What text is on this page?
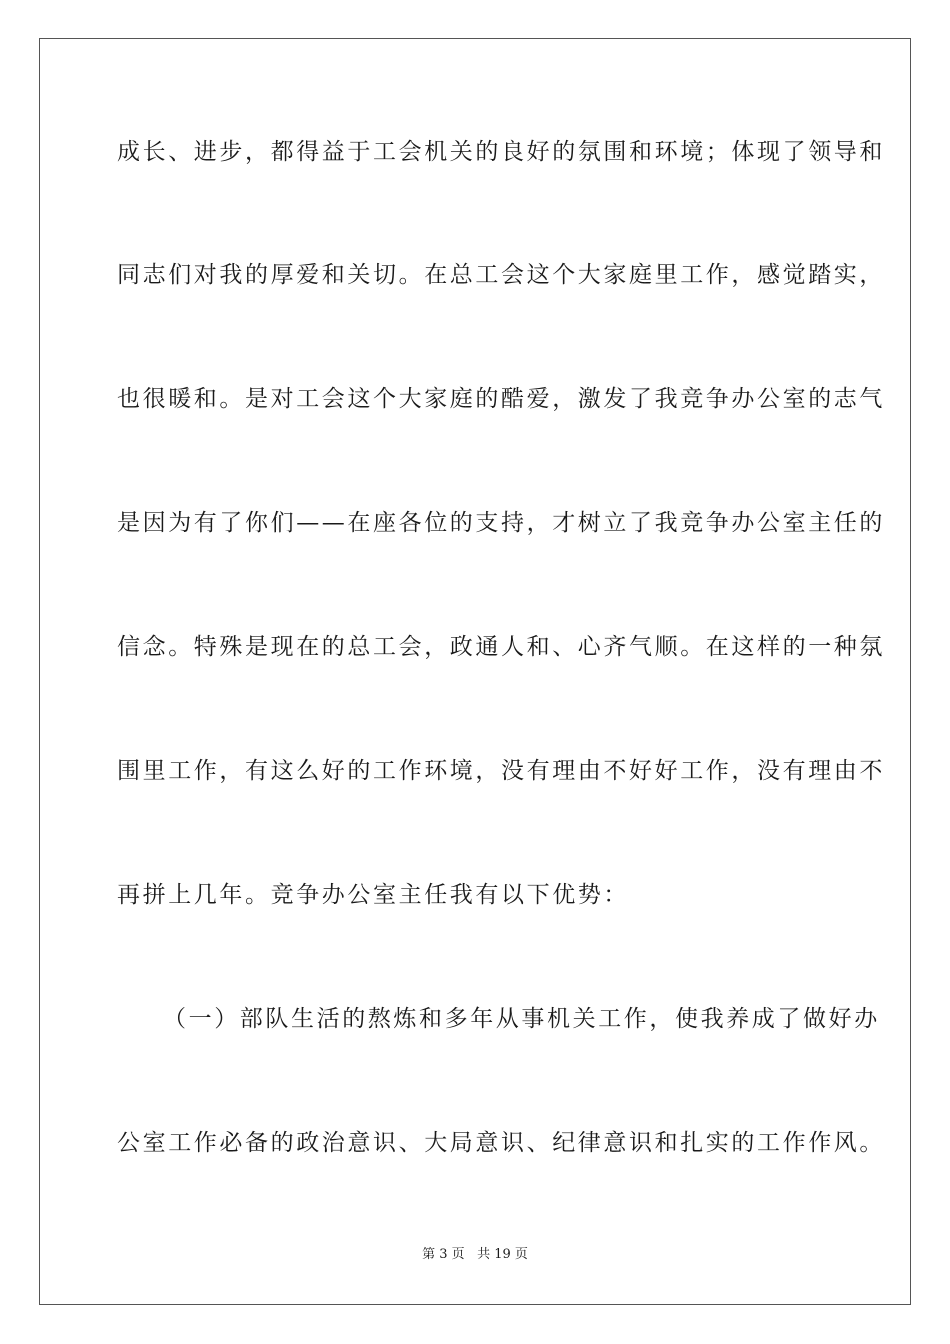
成长、进步，都得益于工会机关的良好的氛围和环境；体现了领导和
同志们对我的厚爱和关切。在总工会这个大家庭里工作，感觉踏实，
也很暖和。是对工会这个大家庭的酷爱，激发了我竞争办公室的志气
是因为有了你们——在座各位的支持，才树立了我竞争办公室主任的
信念。特殊是现在的总工会，政通人和、心齐气顺。在这样的一种氛
围里工作，有这么好的工作环境，没有理由不好好工作，没有理由不
再拼上几年。竞争办公室主任我有以下优势：
（一）部队生活的熬炼和多年从事机关工作，使我养成了做好办
公室工作必备的政治意识、大局意识、纪律意识和扎实的工作作风。
第 3 页 共 19 页
